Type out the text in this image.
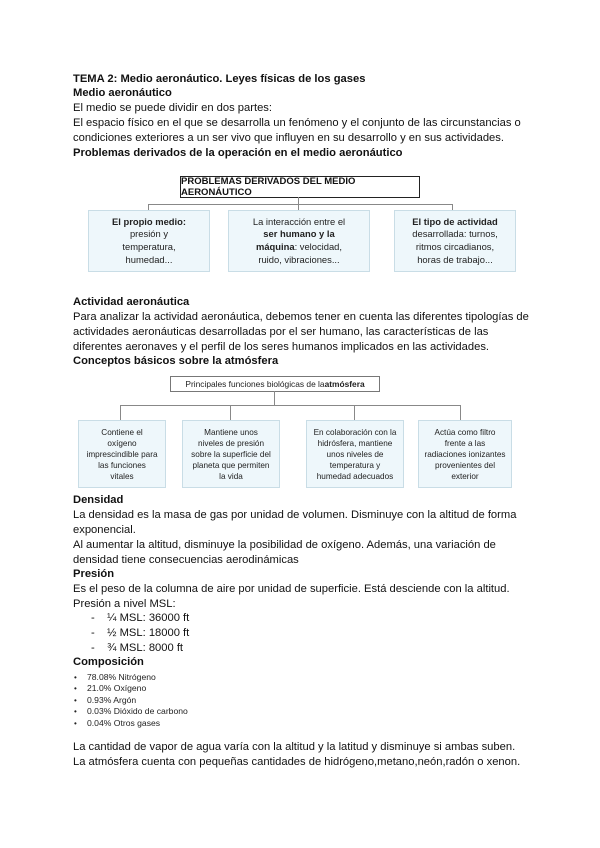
TEMA 2: Medio aeronáutico. Leyes físicas de los gases
Medio aeronáutico
El medio se puede dividir en dos partes:
El espacio físico en el que se desarrolla un fenómeno y el conjunto de las circunstancias o
condiciones exteriores a un ser vivo que influyen en su desarrollo y en sus actividades.
Problemas derivados de la operación en el medio aeronáutico
Actividad aeronáutica
Para analizar la actividad aeronáutica, debemos tener en cuenta las diferentes tipologías de
actividades aeronáuticas desarrolladas por el ser humano, las características de las
diferentes aeronaves y el perfil de los seres humanos implicados en las actividades.
Conceptos básicos sobre la atmósfera
Densidad
La densidad es la masa de gas por unidad de volumen. Disminuye con la altitud de forma
exponencial.
Al aumentar la altitud, disminuye la posibilidad de oxígeno. Además, una variación de
densidad tiene consecuencias aerodinámicas
Presión
Es el peso de la columna de aire por unidad de superficie. Está desciende con la altitud.
Presión a nivel MSL:
-    ¼ MSL: 36000 ft
-    ½ MSL: 18000 ft
-    ¾ MSL: 8000 ft
Composición
La cantidad de vapor de agua varía con la altitud y la latitud y disminuye si ambas suben.
La atmósfera cuenta con pequeñas cantidades de hidrógeno,metano,neón,radón o xenon.
PROBLEMAS DERIVADOS DEL MEDIO AERONÁUTICO
El propio medio:
presión y
temperatura,
humedad...
La interacción entre el
ser humano y la
máquina: velocidad,
ruido, vibraciones...
El tipo de actividad
desarrollada: turnos,
ritmos circadianos,
horas de trabajo...
Principales funciones biológicas de la atmósfera
Contiene el
oxígeno
imprescindible para
las funciones
vitales
Mantiene unos
niveles de presión
sobre la superficie del
planeta que permiten
la vida
En colaboración con la
hidrósfera, mantiene
unos niveles de
temperatura y
humedad adecuados
Actúa como filtro
frente a las
radiaciones ionizantes
provenientes del
exterior
• 78.08% Nitrógeno
• 21.0% Oxígeno
• 0.93% Argón
• 0.03% Dióxido de carbono
• 0.04% Otros gases
